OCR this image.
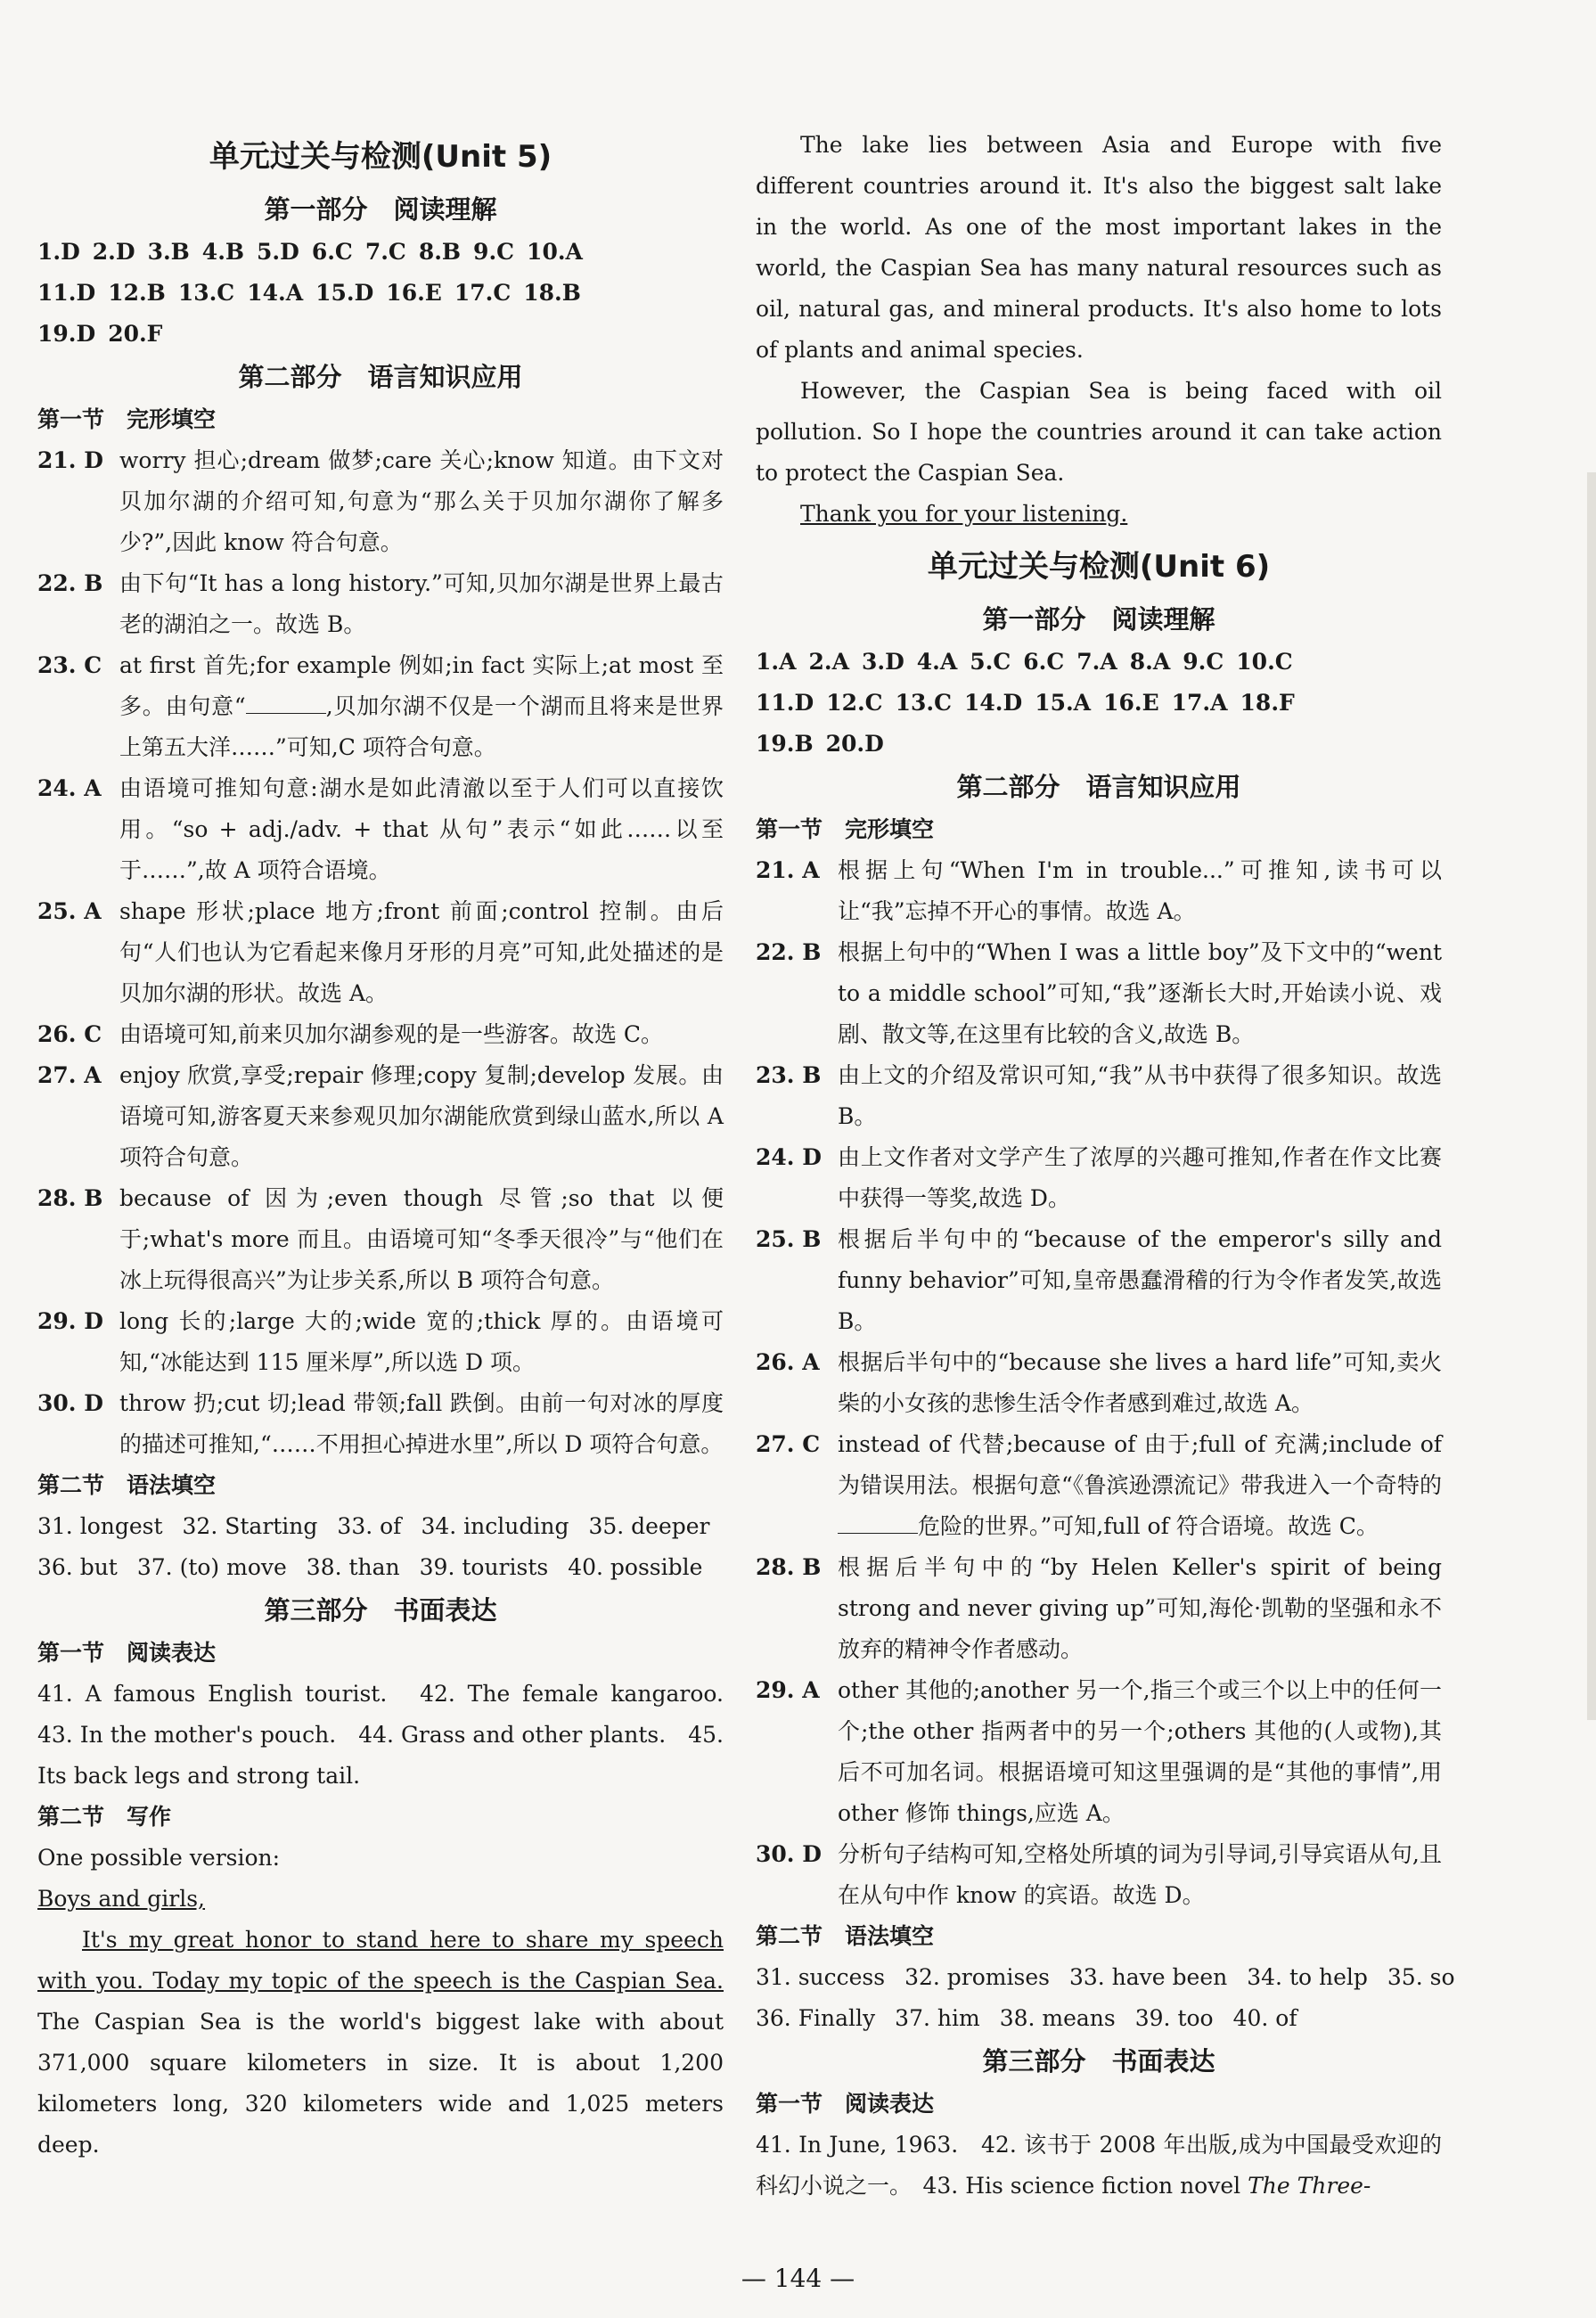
单元过关与检测(Unit 5)
第一部分　阅读理解
1.D 2.D 3.B 4.B 5.D 6.C 7.C 8.B 9.C 10.A
11.D 12.B 13.C 14.A 15.D 16.E 17.C 18.B
19.D 20.F
第二部分　语言知识应用
第一节　完形填空
21. D worry 担心;dream 做梦;care 关心;know 知道。由下文对贝加尔湖的介绍可知,句意为“那么关于贝加尔湖你了解多少?”,因此 know 符合句意。
22. B 由下句“It has a long history.”可知,贝加尔湖是世界上最古老的湖泊之一。故选 B。
23. C at first 首先;for example 例如;in fact 实际上;at most 至多。由句意“	,贝加尔湖不仅是一个湖而且将来是世界上第五大洋……”可知,C 项符合句意。
24. A 由语境可推知句意:湖水是如此清澈以至于人们可以直接饮用。“so + adj./adv. + that 从句”表示“如此……以至于……”,故 A 项符合语境。
25. A shape 形状;place 地方;front 前面;control 控制。由后句“人们也认为它看起来像月牙形的月亮”可知,此处描述的是贝加尔湖的形状。故选 A。
26. C 由语境可知,前来贝加尔湖参观的是一些游客。故选 C。
27. A enjoy 欣赏,享受;repair 修理;copy 复制;develop 发展。由语境可知,游客夏天来参观贝加尔湖能欣赏到绿山蓝水,所以 A 项符合句意。
28. B because of 因为;even though 尽管;so that 以便于;what's more 而且。由语境可知“冬季天很冷”与“他们在冰上玩得很高兴”为让步关系,所以 B 项符合句意。
29. D long 长的;large 大的;wide 宽的;thick 厚的。由语境可知,“冰能达到 115 厘米厚”,所以选 D 项。
30. D throw 扔;cut 切;lead 带领;fall 跌倒。由前一句对冰的厚度的描述可推知,“……不用担心掉进水里”,所以 D 项符合句意。
第二节　语法填空
31. longest 32. Starting 33. of 34. including 35. deeper
36. but 37. (to) move 38. than 39. tourists 40. possible
第三部分　书面表达
第一节　阅读表达
41. A famous English tourist.　42. The female kangaroo.　43. In the mother's pouch.　44. Grass and other plants.　45. Its back legs and strong tail.
第二节　写作
One possible version:
Boys and girls,
It's my great honor to stand here to share my speech with you. Today my topic of the speech is the Caspian Sea. The Caspian Sea is the world's biggest lake with about 371,000 square kilometers in size. It is about 1,200 kilometers long, 320 kilometers wide and 1,025 meters deep.
The lake lies between Asia and Europe with five different countries around it. It's also the biggest salt lake in the world. As one of the most important lakes in the world, the Caspian Sea has many natural resources such as oil, natural gas, and mineral products. It's also home to lots of plants and animal species.
However, the Caspian Sea is being faced with oil pollution. So I hope the countries around it can take action to protect the Caspian Sea.
Thank you for your listening.
单元过关与检测(Unit 6)
第一部分　阅读理解
1.A 2.A 3.D 4.A 5.C 6.C 7.A 8.A 9.C 10.C
11.D 12.C 13.C 14.D 15.A 16.E 17.A 18.F
19.B 20.D
第二部分　语言知识应用
第一节　完形填空
21. A 根据上句“When I'm in trouble...”可推知,读书可以让“我”忘掉不开心的事情。故选 A。
22. B 根据上句中的“When I was a little boy”及下文中的“went to a middle school”可知,“我”逐渐长大时,开始读小说、戏剧、散文等,在这里有比较的含义,故选 B。
23. B 由上文的介绍及常识可知,“我”从书中获得了很多知识。故选 B。
24. D 由上文作者对文学产生了浓厚的兴趣可推知,作者在作文比赛中获得一等奖,故选 D。
25. B 根据后半句中的“because of the emperor's silly and funny behavior”可知,皇帝愚蠢滑稽的行为令作者发笑,故选 B。
26. A 根据后半句中的“because she lives a hard life”可知,卖火柴的小女孩的悲惨生活令作者感到难过,故选 A。
27. C instead of 代替;because of 由于;full of 充满;include of 为错误用法。根据句意“《鲁滨逊漂流记》带我进入一个奇特的危险的世界。”可知,full of 符合语境。故选 C。
28. B 根据后半句中的“by Helen Keller's spirit of being strong and never giving up”可知,海伦·凯勒的坚强和永不放弃的精神令作者感动。
29. A other 其他的;another 另一个,指三个或三个以上中的任何一个;the other 指两者中的另一个;others 其他的(人或物),其后不可加名词。根据语境可知这里强调的是“其他的事情”,用 other 修饰 things,应选 A。
30. D 分析句子结构可知,空格处所填的词为引导词,引导宾语从句,且在从句中作 know 的宾语。故选 D。
第二节　语法填空
31. success 32. promises 33. have been 34. to help 35. so
36. Finally 37. him 38. means 39. too 40. of
第三部分　书面表达
第一节　阅读表达
41. In June, 1963.　42. 该书于 2008 年出版,成为中国最受欢迎的科幻小说之一。　43. His science fiction novel The Three-
— 144 —
